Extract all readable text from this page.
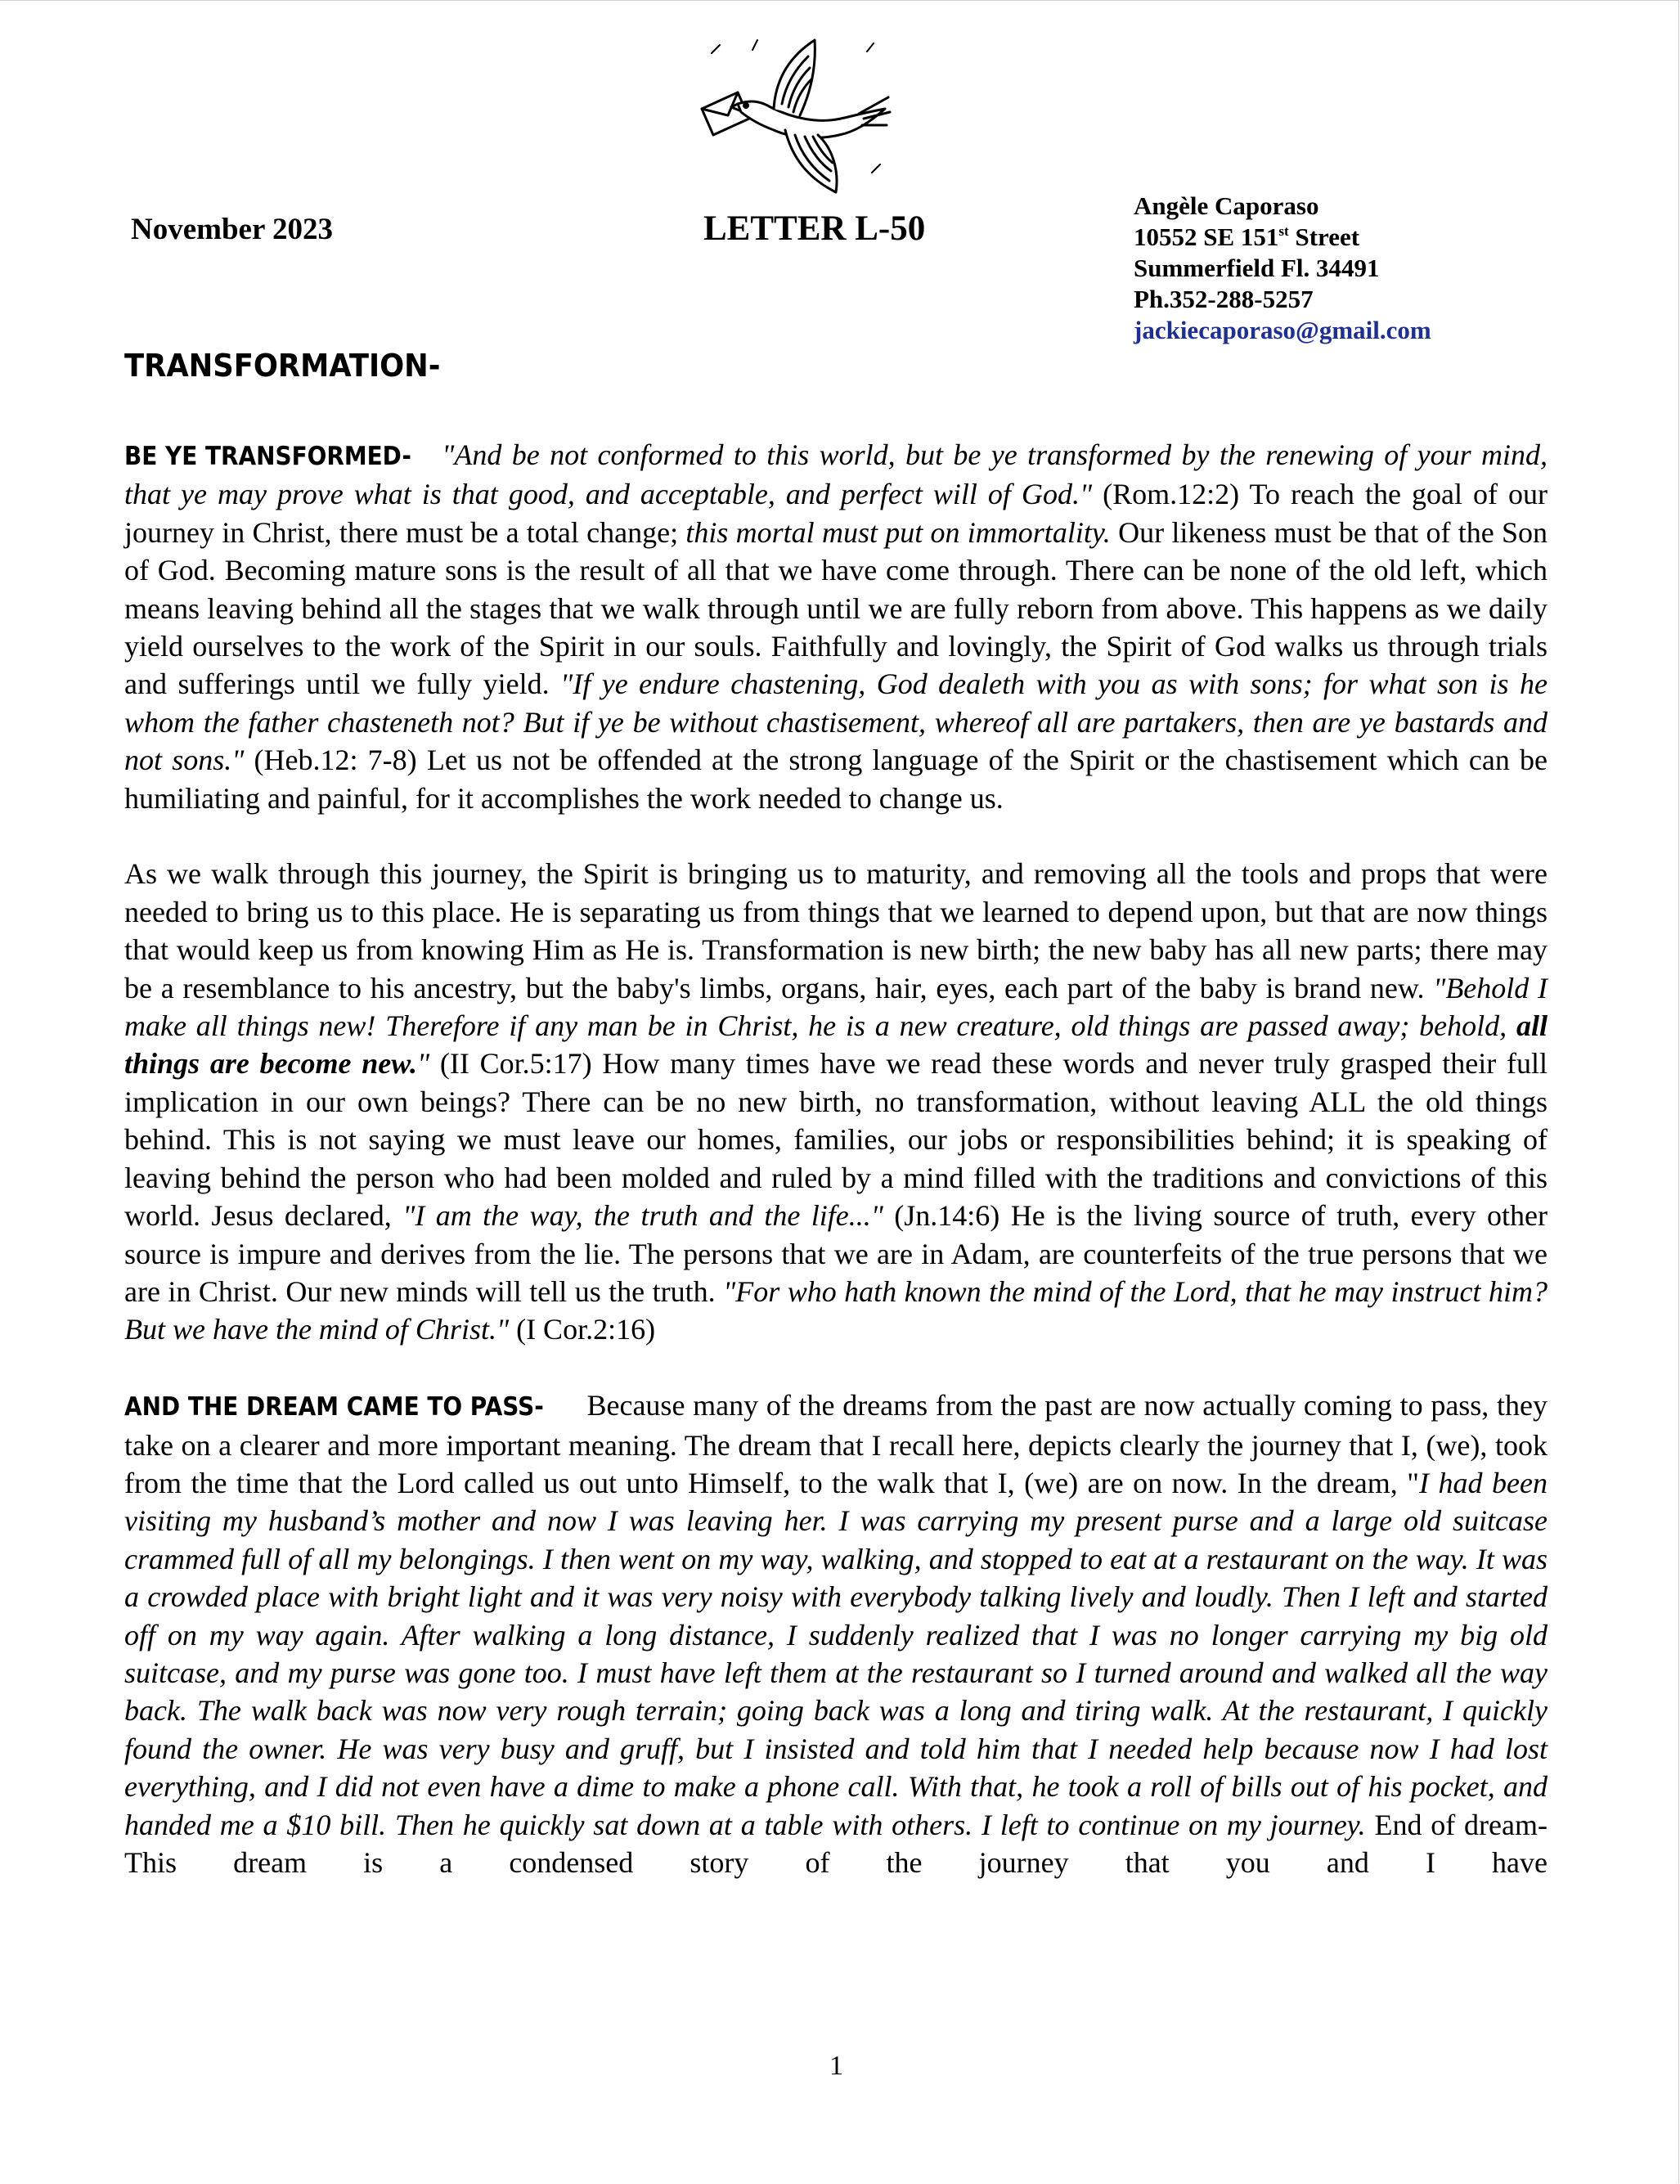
November 2023	LETTER L-50
Angèle Caporaso
10552 SE 151st Street
Summerfield Fl. 34491
Ph.352-288-5257
jackiecaporaso@gmail.com
TRANSFORMATION-

BE YE TRANSFORMED- "And be not conformed to this world, but be ye transformed by the renewing of your mind, that ye may prove what is that good, and acceptable, and perfect will of God." (Rom.12:2) To reach the goal of our journey in Christ, there must be a total change; this mortal must put on immortality. Our likeness must be that of the Son of God. Becoming mature sons is the result of all that we have come through. There can be none of the old left, which means leaving behind all the stages that we walk through until we are fully reborn from above. This happens as we daily yield ourselves to the work of the Spirit in our souls. Faithfully and lovingly, the Spirit of God walks us through trials and sufferings until we fully yield. "If ye endure chastening, God dealeth with you as with sons; for what son is he whom the father chasteneth not? But if ye be without chastisement, whereof all are partakers, then are ye bastards and not sons." (Heb.12: 7-8) Let us not be offended at the strong language of the Spirit or the chastisement which can be humiliating and painful, for it accomplishes the work needed to change us.

As we walk through this journey, the Spirit is bringing us to maturity, and removing all the tools and props that were needed to bring us to this place. He is separating us from things that we learned to depend upon, but that are now things that would keep us from knowing Him as He is. Transformation is new birth; the new baby has all new parts; there may be a resemblance to his ancestry, but the baby's limbs, organs, hair, eyes, each part of the baby is brand new. "Behold I make all things new! Therefore if any man be in Christ, he is a new creature, old things are passed away; behold, all things are become new." (II Cor.5:17) How many times have we read these words and never truly grasped their full implication in our own beings? There can be no new birth, no transformation, without leaving ALL the old things behind. This is not saying we must leave our homes, families, our jobs or responsibilities behind; it is speaking of leaving behind the person who had been molded and ruled by a mind filled with the traditions and convictions of this world. Jesus declared, "I am the way, the truth and the life..." (Jn.14:6) He is the living source of truth, every other source is impure and derives from the lie. The persons that we are in Adam, are counterfeits of the true persons that we are in Christ. Our new minds will tell us the truth. "For who hath known the mind of the Lord, that he may instruct him? But we have the mind of Christ." (I Cor.2:16)

AND THE DREAM CAME TO PASS- Because many of the dreams from the past are now actually coming to pass, they take on a clearer and more important meaning. The dream that I recall here, depicts clearly the journey that I, (we), took from the time that the Lord called us out unto Himself, to the walk that I, (we) are on now. In the dream, "I had been visiting my husband’s mother and now I was leaving her. I was carrying my present purse and a large old suitcase crammed full of all my belongings. I then went on my way, walking, and stopped to eat at a restaurant on the way. It was a crowded place with bright light and it was very noisy with everybody talking lively and loudly. Then I left and started off on my way again. After walking a long distance, I suddenly realized that I was no longer carrying my big old suitcase, and my purse was gone too. I must have left them at the restaurant so I turned around and walked all the way back. The walk back was now very rough terrain; going back was a long and tiring walk. At the restaurant, I quickly found the owner. He was very busy and gruff, but I insisted and told him that I needed help because now I had lost everything, and I did not even have a dime to make a phone call. With that, he took a roll of bills out of his pocket, and handed me a $10 bill. Then he quickly sat down at a table with others. I left to continue on my journey. End of dream-This dream is a condensed story of the journey that you and I have

1
